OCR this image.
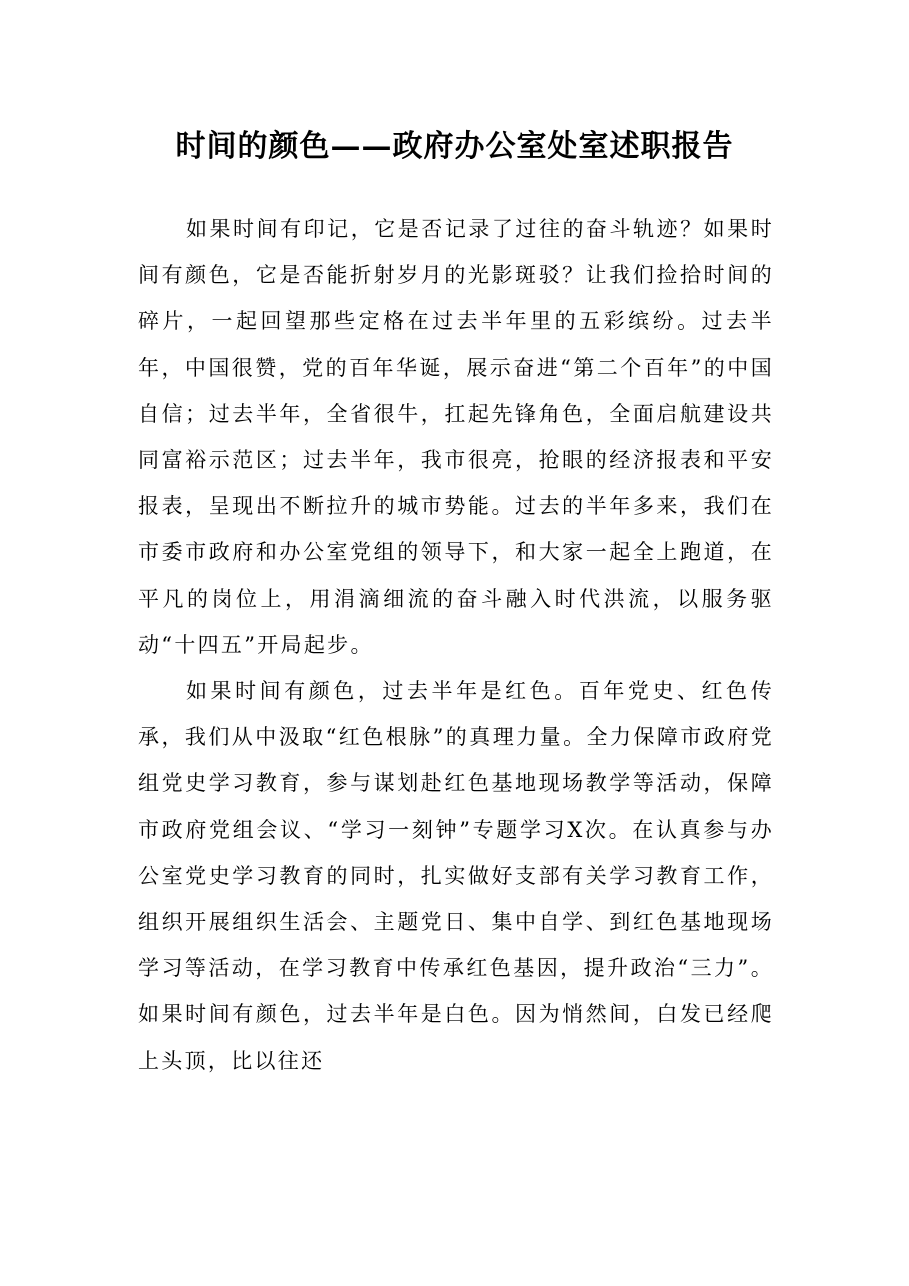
时间的颜色——政府办公室处室述职报告

如果时间有印记，它是否记录了过往的奋斗轨迹？如果时间有颜色，它是否能折射岁月的光影斑驳？让我们捡拾时间的碎片，一起回望那些定格在过去半年里的五彩缤纷。过去半年，中国很赞，党的百年华诞，展示奋进“第二个百年”的中国自信；过去半年，全省很牛，扛起先锋角色，全面启航建设共同富裕示范区；过去半年，我市很亮，抢眼的经济报表和平安报表，呈现出不断拉升的城市势能。过去的半年多来，我们在市委市政府和办公室党组的领导下，和大家一起全上跑道，在平凡的岗位上，用涓滴细流的奋斗融入时代洪流，以服务驱动“十四五”开局起步。

如果时间有颜色，过去半年是红色。百年党史、红色传承，我们从中汲取“红色根脉”的真理力量。全力保障市政府党组党史学习教育，参与谋划赴红色基地现场教学等活动，保障市政府党组会议、“学习一刻钟”专题学习X次。在认真参与办公室党史学习教育的同时，扎实做好支部有关学习教育工作，组织开展组织生活会、主题党日、集中自学、到红色基地现场学习等活动，在学习教育中传承红色基因，提升政治“三力”。如果时间有颜色，过去半年是白色。因为悄然间，白发已经爬上头顶，比以往还
